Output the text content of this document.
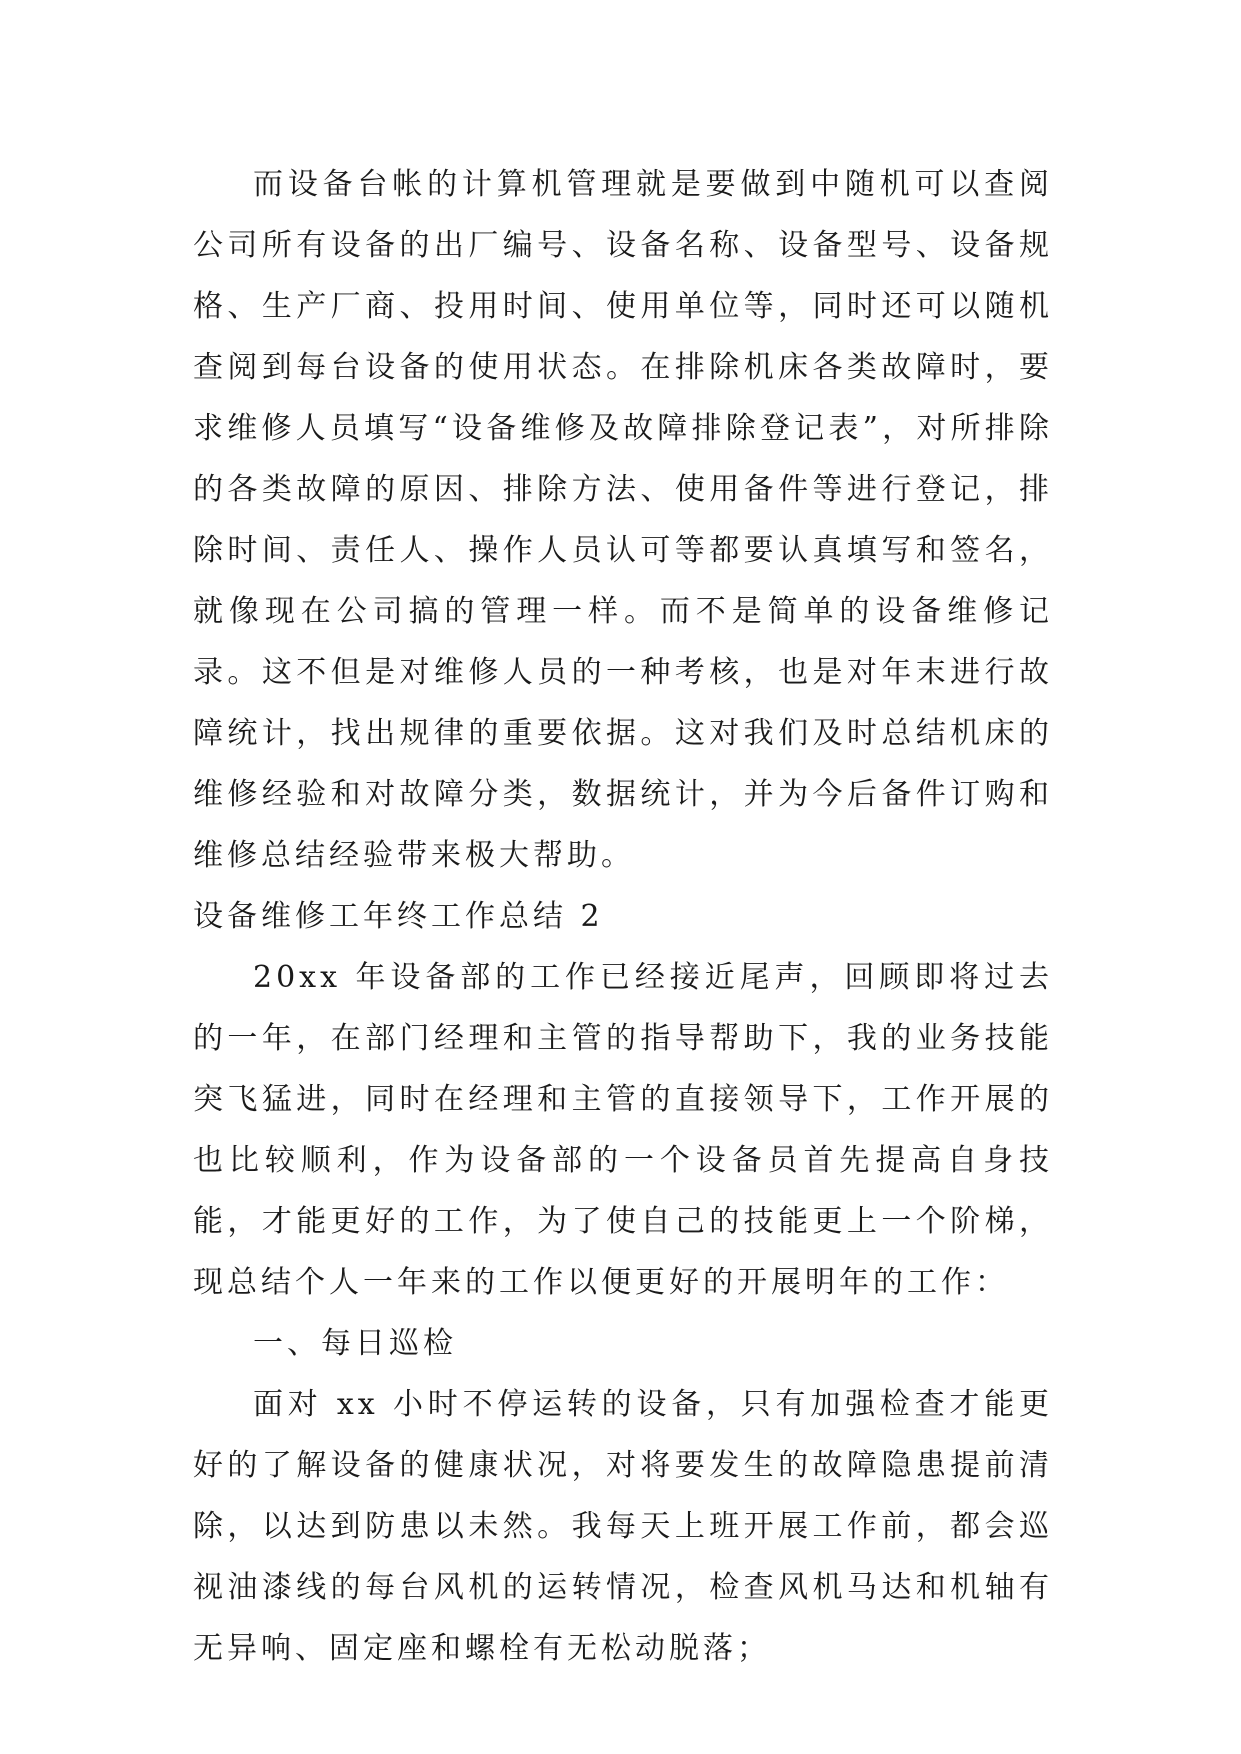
而设备台帐的计算机管理就是要做到中随机可以查阅公司所有设备的出厂编号、设备名称、设备型号、设备规格、生产厂商、投用时间、使用单位等，同时还可以随机查阅到每台设备的使用状态。在排除机床各类故障时，要求维修人员填写“设备维修及故障排除登记表”，对所排除的各类故障的原因、排除方法、使用备件等进行登记，排除时间、责任人、操作人员认可等都要认真填写和签名，就像现在公司搞的管理一样。而不是简单的设备维修记录。这不但是对维修人员的一种考核，也是对年末进行故障统计，找出规律的重要依据。这对我们及时总结机床的维修经验和对故障分类，数据统计，并为今后备件订购和维修总结经验带来极大帮助。

设备维修工年终工作总结 2

20xx 年设备部的工作已经接近尾声，回顾即将过去的一年，在部门经理和主管的指导帮助下，我的业务技能突飞猛进，同时在经理和主管的直接领导下，工作开展的也比较顺利，作为设备部的一个设备员首先提高自身技能，才能更好的工作，为了使自己的技能更上一个阶梯，现总结个人一年来的工作以便更好的开展明年的工作：

一、每日巡检

面对 xx 小时不停运转的设备，只有加强检查才能更好的了解设备的健康状况，对将要发生的故障隐患提前清除，以达到防患以未然。我每天上班开展工作前，都会巡视油漆线的每台风机的运转情况，检查风机马达和机轴有无异响、固定座和螺栓有无松动脱落；
